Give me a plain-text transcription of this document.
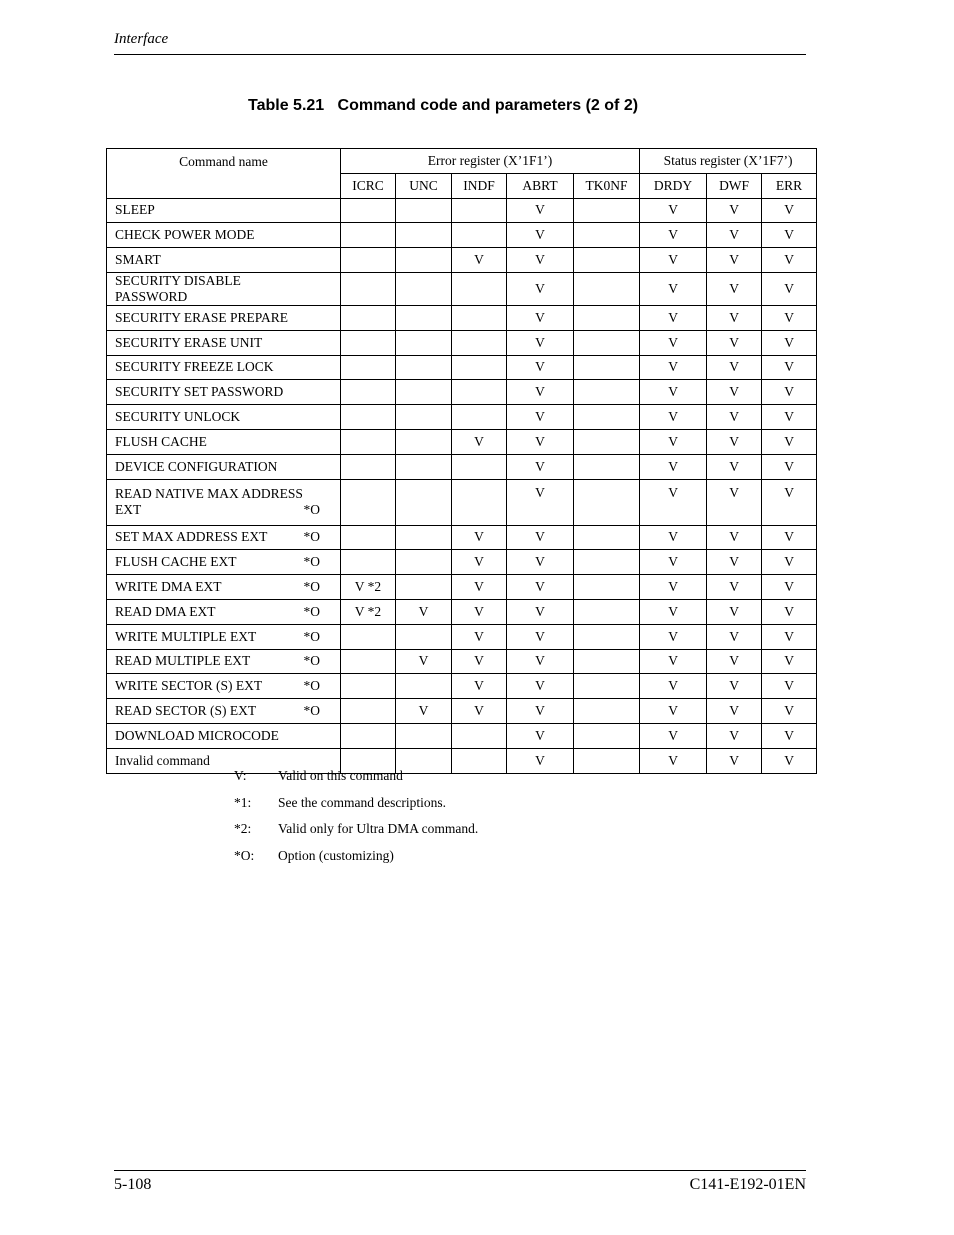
Interface
Table 5.21   Command code and parameters (2 of 2)
Command name	Error register (X’1F1’)					Status register (X’1F7’)		
	ICRC	UNC	INDF	ABRT	TK0NF	DRDY	DWF	ERR

SLEEP				V		V	V	V

CHECK POWER MODE				V		V	V	V

SMART			V	V		V	V	V

SECURITY DISABLE PASSWORD				V		V	V	V

SECURITY ERASE PREPARE				V		V	V	V

SECURITY ERASE UNIT				V		V	V	V

SECURITY FREEZE LOCK				V		V	V	V

SECURITY SET PASSWORD				V		V	V	V

SECURITY UNLOCK				V		V	V	V

FLUSH CACHE			V	V		V	V	V

DEVICE CONFIGURATION				V		V	V	V

READ NATIVE MAX ADDRESS
EXT *O				V		V	V	V

SET MAX ADDRESS EXT *O			V	V		V	V	V

FLUSH CACHE EXT *O			V	V		V	V	V

WRITE DMA EXT *O	V *2		V	V		V	V	V

READ DMA EXT *O	V *2	V	V	V		V	V	V

WRITE MULTIPLE EXT *O			V	V		V	V	V

READ MULTIPLE EXT *O		V	V	V		V	V	V

WRITE SECTOR (S) EXT *O			V	V		V	V	V

READ SECTOR (S) EXT *O		V	V	V		V	V	V

DOWNLOAD MICROCODE				V		V	V	V

Invalid command				V		V	V	V
V: Valid on this command
*1: See the command descriptions.
*2: Valid only for Ultra DMA command.
*O: Option (customizing)
5-108	C141-E192-01EN
